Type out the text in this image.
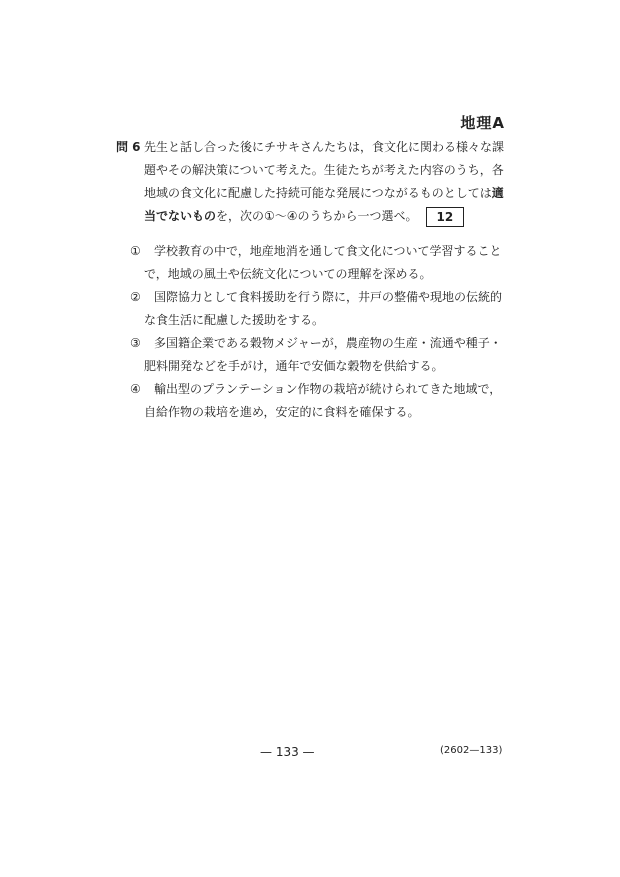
地理A
問 6 先生と話し合った後にチサキさんたちは，食文化に関わる様々な課題やその解決策について考えた。生徒たちが考えた内容のうち，各地域の食文化に配慮した持続可能な発展につながるものとしては適当でないものを，次の①～④のうちから一つ選べ。 12
①	学校教育の中で，地産地消を通して食文化について学習することで，地域の風土や伝統文化についての理解を深める。
②	国際協力として食料援助を行う際に，井戸の整備や現地の伝統的な食生活に配慮した援助をする。
③	多国籍企業である穀物メジャーが，農産物の生産・流通や種子・肥料開発などを手がけ，通年で安価な穀物を供給する。
④	輸出型のプランテーション作物の栽培が続けられてきた地域で，自給作物の栽培を進め，安定的に食料を確保する。
— 133 —	(2602—133)
